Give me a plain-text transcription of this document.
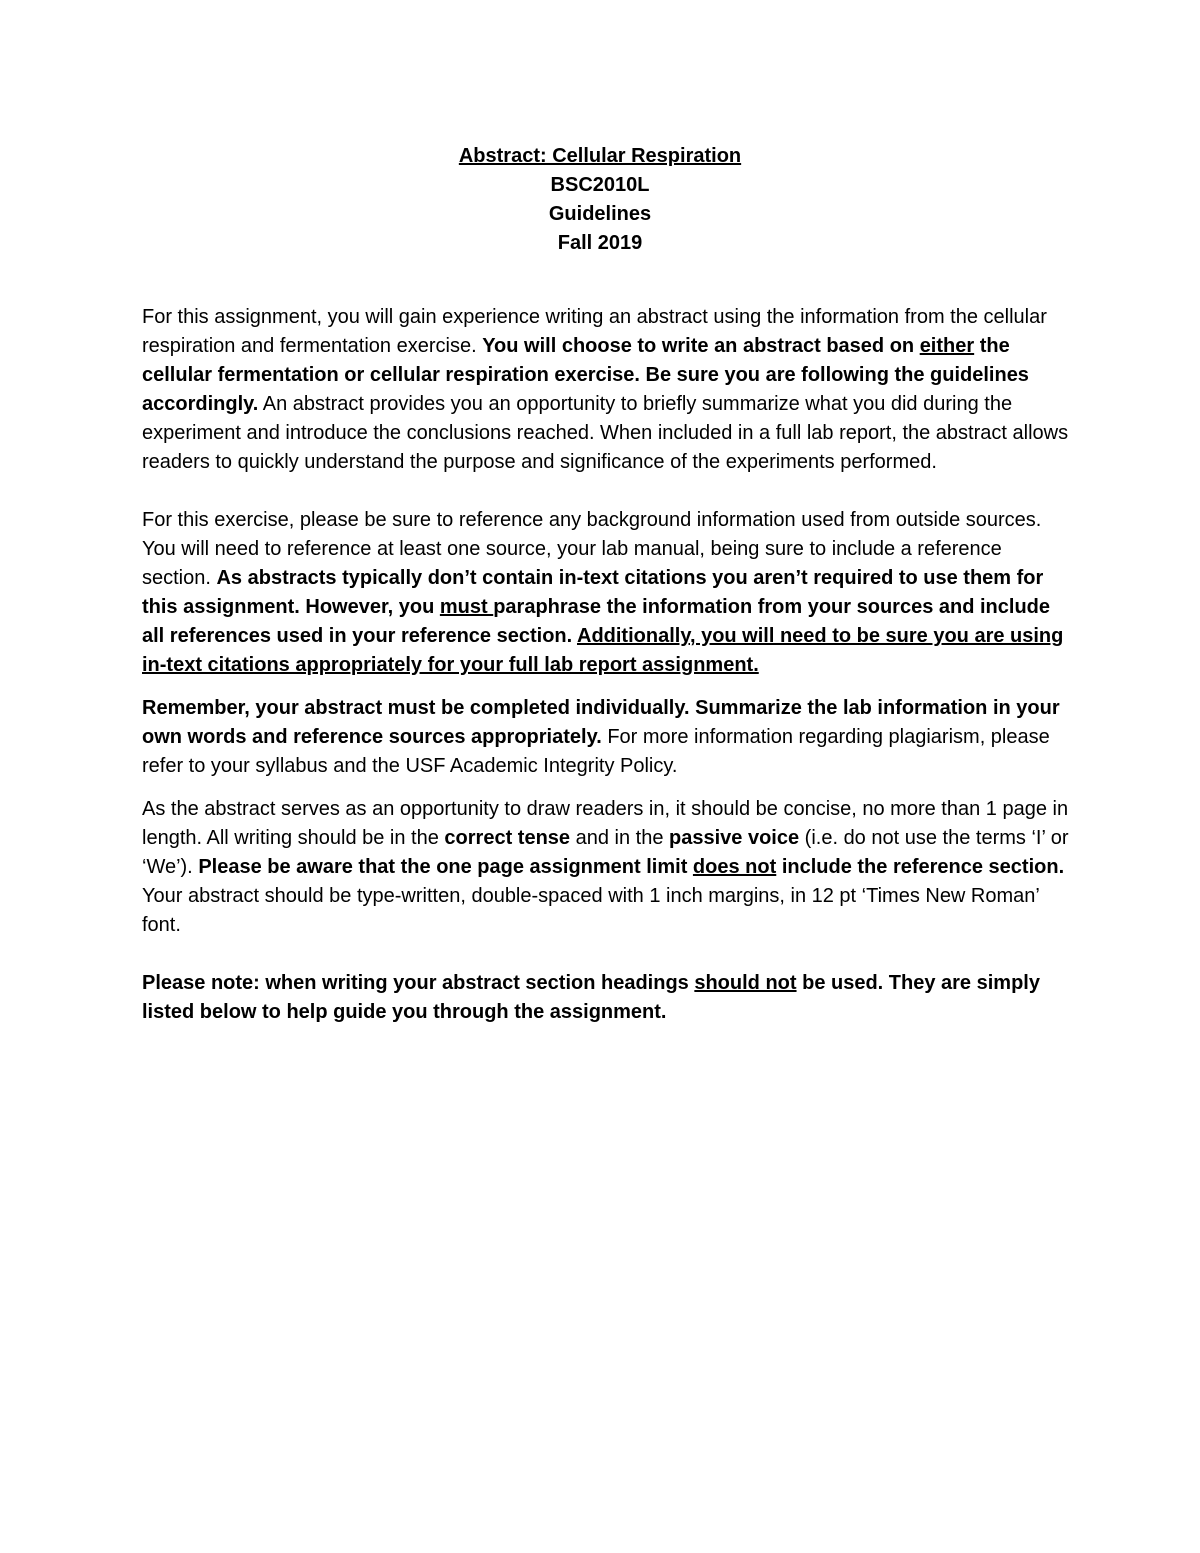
Abstract: Cellular Respiration
BSC2010L
Guidelines
Fall 2019

For this assignment, you will gain experience writing an abstract using the information from the cellular respiration and fermentation exercise. You will choose to write an abstract based on either the cellular fermentation or cellular respiration exercise. Be sure you are following the guidelines accordingly. An abstract provides you an opportunity to briefly summarize what you did during the experiment and introduce the conclusions reached. When included in a full lab report, the abstract allows readers to quickly understand the purpose and significance of the experiments performed.

For this exercise, please be sure to reference any background information used from outside sources. You will need to reference at least one source, your lab manual, being sure to include a reference section. As abstracts typically don’t contain in-text citations you aren’t required to use them for this assignment. However, you must paraphrase the information from your sources and include all references used in your reference section. Additionally, you will need to be sure you are using in-text citations appropriately for your full lab report assignment.

Remember, your abstract must be completed individually. Summarize the lab information in your own words and reference sources appropriately. For more information regarding plagiarism, please refer to your syllabus and the USF Academic Integrity Policy.

As the abstract serves as an opportunity to draw readers in, it should be concise, no more than 1 page in length. All writing should be in the correct tense and in the passive voice (i.e. do not use the terms ‘I’ or ‘We’). Please be aware that the one page assignment limit does not include the reference section. Your abstract should be type-written, double-spaced with 1 inch margins, in 12 pt ‘Times New Roman’ font.

Please note: when writing your abstract section headings should not be used. They are simply listed below to help guide you through the assignment.
